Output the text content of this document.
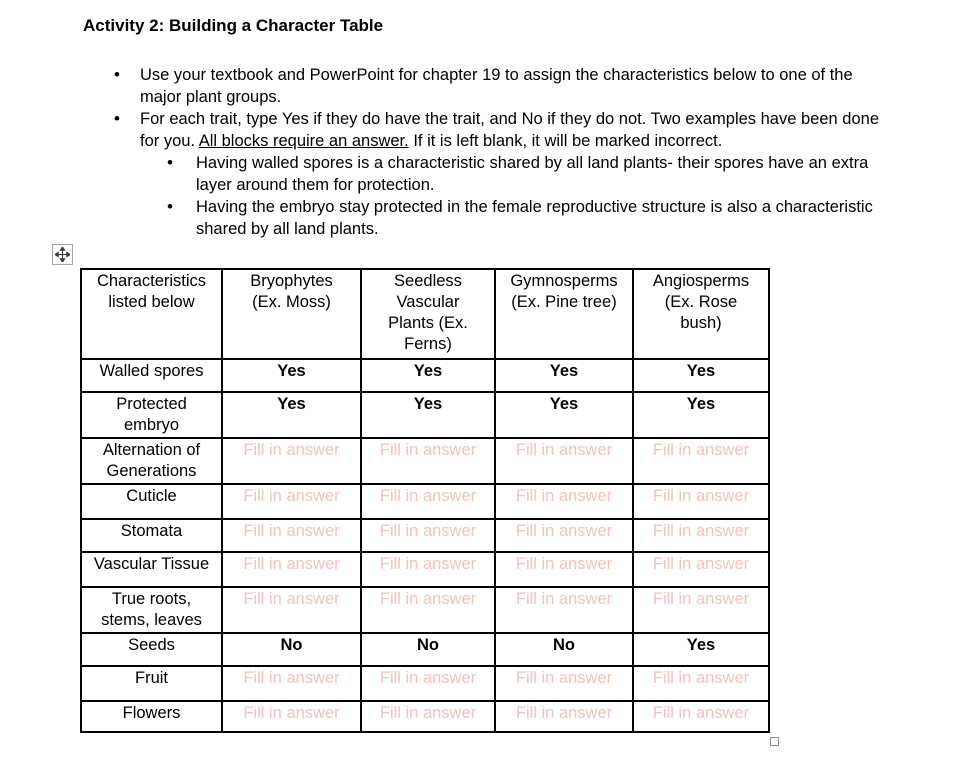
Activity 2: Building a Character Table
• Use your textbook and PowerPoint for chapter 19 to assign the characteristics below to one of the major plant groups.
• For each trait, type Yes if they do have the trait, and No if they do not. Two examples have been done for you. All blocks require an answer. If it is left blank, it will be marked incorrect.
• Having walled spores is a characteristic shared by all land plants- their spores have an extra layer around them for protection.
• Having the embryo stay protected in the female reproductive structure is also a characteristic shared by all land plants.
Characteristics listed below	Bryophytes (Ex. Moss)	Seedless Vascular Plants (Ex. Ferns)	Gymnosperms (Ex. Pine tree)	Angiosperms (Ex. Rose bush)
Walled spores	Yes	Yes	Yes	Yes
Protected embryo	Yes	Yes	Yes	Yes
Alternation of Generations	Fill in answer	Fill in answer	Fill in answer	Fill in answer
Cuticle	Fill in answer	Fill in answer	Fill in answer	Fill in answer
Stomata	Fill in answer	Fill in answer	Fill in answer	Fill in answer
Vascular Tissue	Fill in answer	Fill in answer	Fill in answer	Fill in answer
True roots, stems, leaves	Fill in answer	Fill in answer	Fill in answer	Fill in answer
Seeds	No	No	No	Yes
Fruit	Fill in answer	Fill in answer	Fill in answer	Fill in answer
Flowers	Fill in answer	Fill in answer	Fill in answer	Fill in answer
